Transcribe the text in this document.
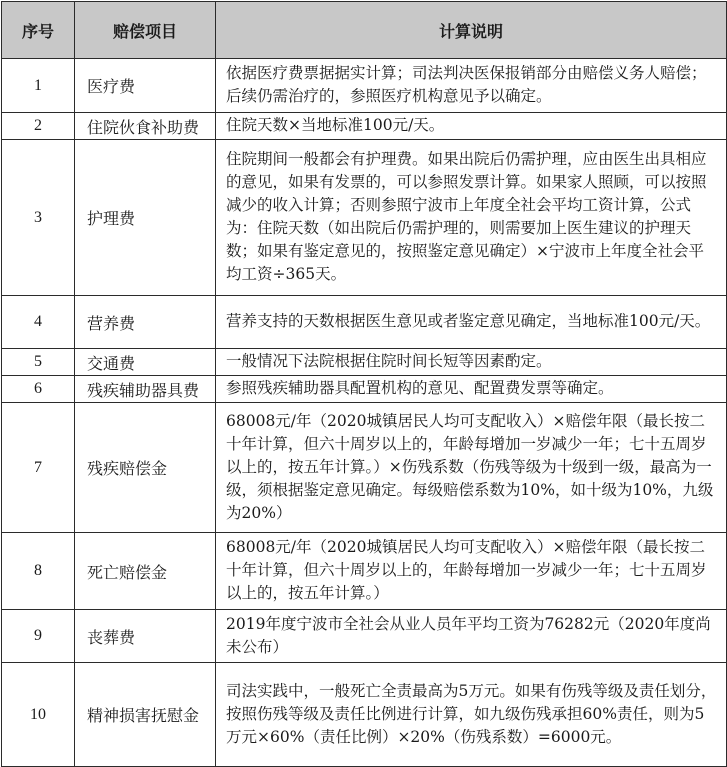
序号	赔偿项目	计算说明
1	医疗费	依据医疗费票据据实计算；司法判决医保报销部分由赔偿义务人赔偿；后续仍需治疗的，参照医疗机构意见予以确定。
2	住院伙食补助费	住院天数×当地标准100元/天。
3	护理费	住院期间一般都会有护理费。如果出院后仍需护理，应由医生出具相应的意见，如果有发票的，可以参照发票计算。如果家人照顾，可以按照减少的收入计算；否则参照宁波市上年度全社会平均工资计算，公式为：住院天数（如出院后仍需护理的，则需要加上医生建议的护理天数；如果有鉴定意见的，按照鉴定意见确定）×宁波市上年度全社会平均工资÷365天。
4	营养费	营养支持的天数根据医生意见或者鉴定意见确定，当地标准100元/天。
5	交通费	一般情况下法院根据住院时间长短等因素酌定。
6	残疾辅助器具费	参照残疾辅助器具配置机构的意见、配置费发票等确定。
7	残疾赔偿金	68008元/年（2020城镇居民人均可支配收入）×赔偿年限（最长按二十年计算，但六十周岁以上的，年龄每增加一岁减少一年；七十五周岁以上的，按五年计算。）×伤残系数（伤残等级为十级到一级，最高为一级，须根据鉴定意见确定。每级赔偿系数为10%，如十级为10%，九级为20%）
8	死亡赔偿金	68008元/年（2020城镇居民人均可支配收入）×赔偿年限（最长按二十年计算，但六十周岁以上的，年龄每增加一岁减少一年；七十五周岁以上的，按五年计算。）
9	丧葬费	2019年度宁波市全社会从业人员年平均工资为76282元（2020年度尚未公布）
10	精神损害抚慰金	司法实践中，一般死亡全责最高为5万元。如果有伤残等级及责任划分，按照伤残等级及责任比例进行计算，如九级伤残承担60%责任，则为5万元×60%（责任比例）×20%（伤残系数）=6000元。
